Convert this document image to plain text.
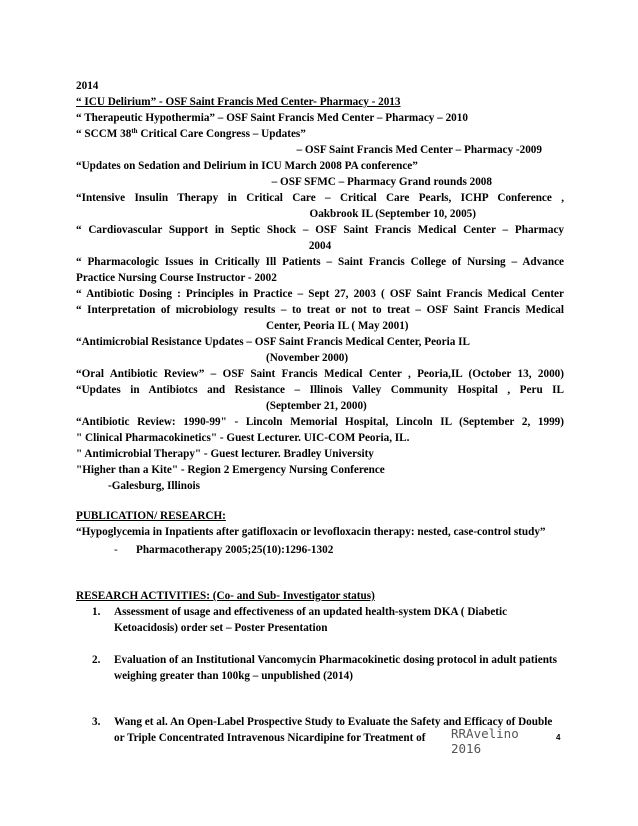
2014
“ ICU Delirium” - OSF Saint Francis Med Center- Pharmacy - 2013
“ Therapeutic Hypothermia” – OSF Saint Francis Med Center – Pharmacy – 2010
“ SCCM 38th Critical Care Congress – Updates”
– OSF Saint Francis Med Center – Pharmacy -2009
“Updates on Sedation and Delirium in ICU March 2008 PA conference”
– OSF SFMC – Pharmacy Grand rounds 2008
“Intensive Insulin Therapy in Critical Care – Critical Care Pearls, ICHP Conference ,
Oakbrook IL (September 10, 2005)
“ Cardiovascular Support in Septic Shock – OSF Saint Francis Medical Center – Pharmacy
2004
“ Pharmacologic Issues in Critically Ill Patients – Saint Francis College of Nursing – Advance
Practice Nursing Course Instructor - 2002
“ Antibiotic Dosing : Principles in Practice – Sept 27, 2003 ( OSF Saint Francis Medical Center
“ Interpretation of microbiology results – to treat or not to treat – OSF Saint Francis Medical
Center, Peoria IL ( May 2001)
“Antimicrobial Resistance Updates – OSF Saint Francis Medical Center, Peoria IL
(November 2000)
“Oral Antibiotic Review” – OSF Saint Francis Medical Center , Peoria,IL (October 13, 2000)
“Updates in Antibiotcs and Resistance – Illinois Valley Community Hospital , Peru IL
(September 21, 2000)
“Antibiotic Review: 1990-99" - Lincoln Memorial Hospital, Lincoln IL (September 2, 1999)
" Clinical Pharmacokinetics" - Guest Lecturer. UIC-COM Peoria, IL.
" Antimicrobial Therapy" - Guest lecturer. Bradley University
"Higher than a Kite" - Region 2 Emergency Nursing Conference
-Galesburg, Illinois
PUBLICATION/ RESEARCH:
“Hypoglycemia in Inpatients after gatifloxacin or levofloxacin therapy: nested, case-control study”
-	Pharmacotherapy 2005;25(10):1296-1302
RESEARCH ACTIVITIES: (Co- and Sub- Investigator status)
1.	Assessment of usage and effectiveness of an updated health-system DKA ( Diabetic Ketoacidosis) order set – Poster Presentation
2.	Evaluation of an Institutional Vancomycin Pharmacokinetic dosing protocol in adult patients weighing greater than 100kg – unpublished (2014)
3.	Wang et al. An Open-Label Prospective Study to Evaluate the Safety and Efficacy of Double or Triple Concentrated Intravenous Nicardipine for Treatment of	RRAvelino
2016
4
